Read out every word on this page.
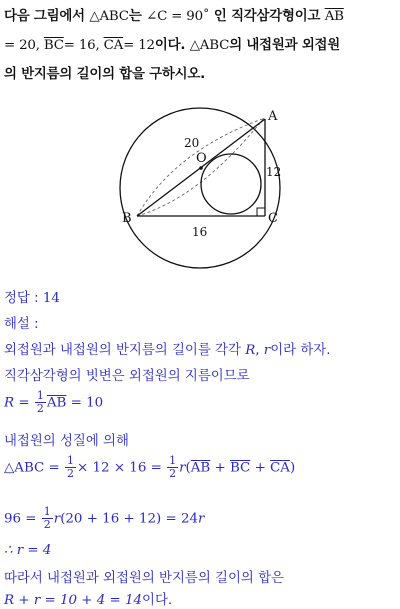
다음 그림에서 △ABC는 ∠C = 90˚ 인 직각삼각형이고 $\overline{AB}$
= 20, $\overline{BC}= 16$, $\overline{CA}= 12$이다. △ABC의 내접원과 외접원
의 반지름의 길이의 합을 구하시오.
A
B	C
O
20
12
16
정답 : 14
해설 :
외접원과 내접원의 반지름의 길이를 각각 R, r이라 하자.
직각삼각형의 빗변은 외접원의 지름이므로
$R = \frac{1}{2} \overline{AB} = 10$
내접원의 성질에 의해
△ABC = $\frac{1}{2} \times 12 \times 16 = \frac{1}{2} r(\overline{AB} + \overline{BC} + \overline{CA})$
$96 = \frac{1}{2} r(20 + 16 + 12) = 24r$
∴ r = 4
따라서 내접원과 외접원의 반지름의 길이의 합은
R + r = 10 + 4 = 14이다.
